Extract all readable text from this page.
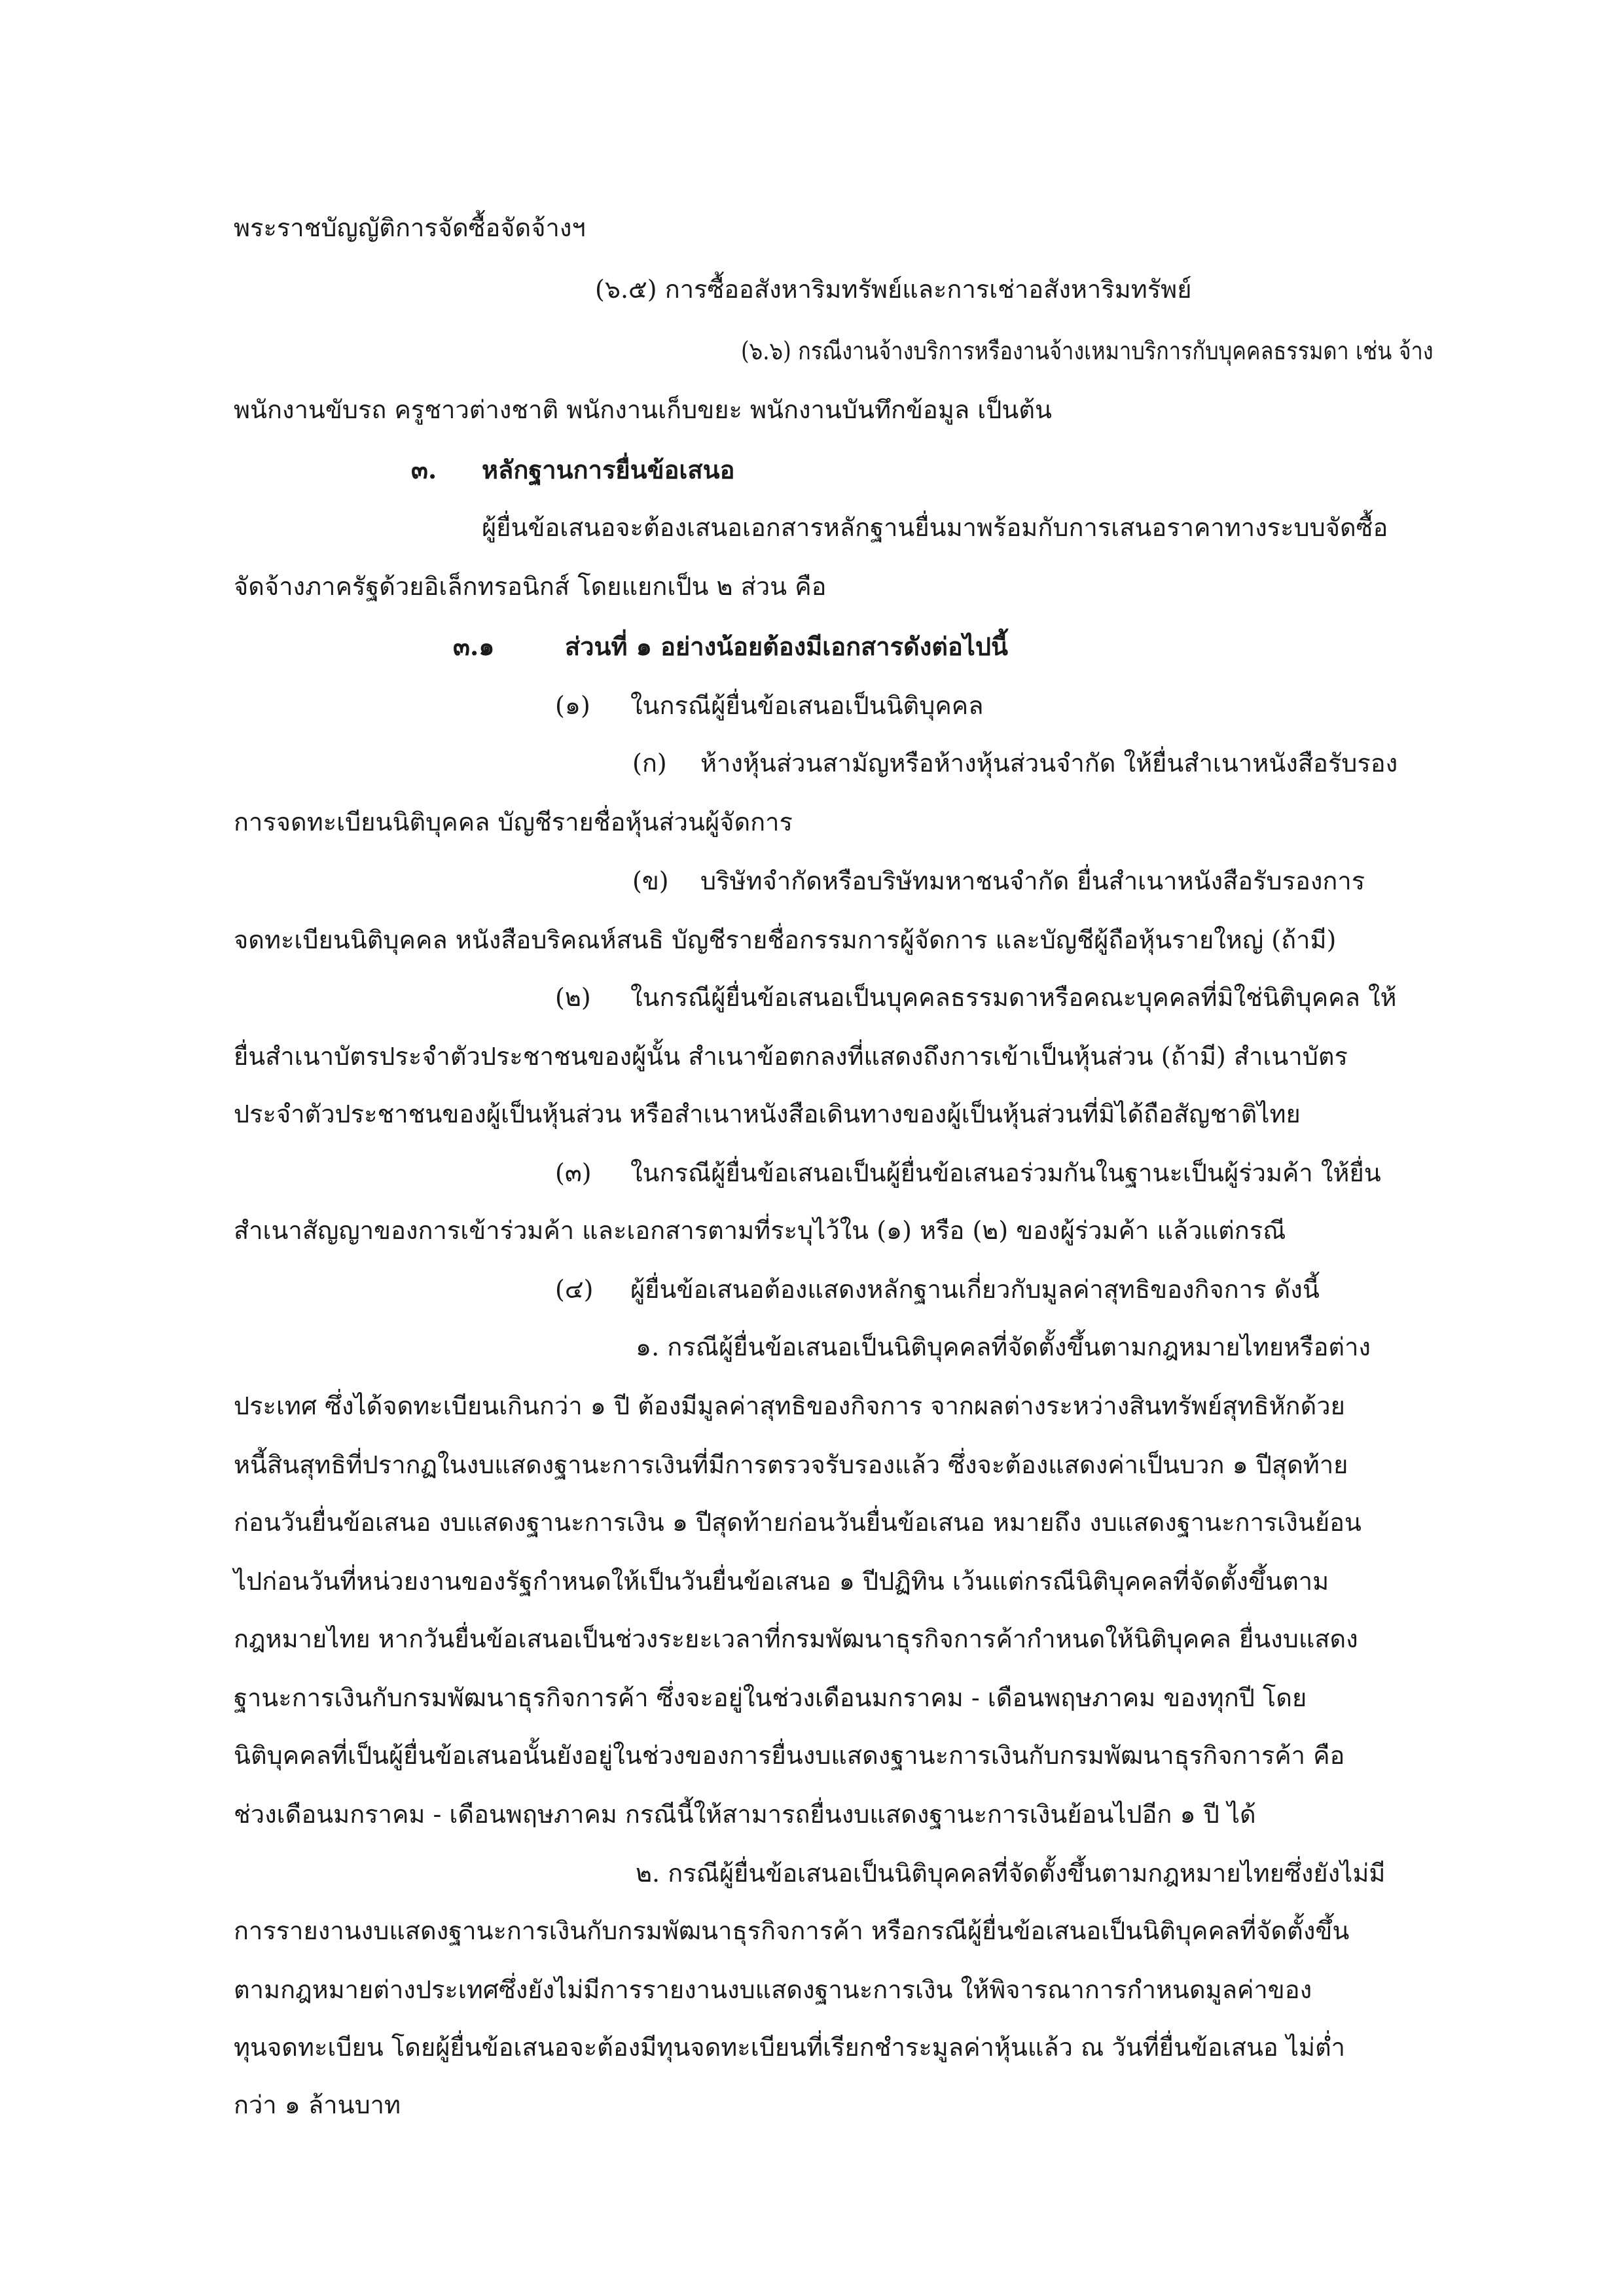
พระราชบัญญัติการจัดซื้อจัดจ้างฯ
(๖.๕) การซื้ออสังหาริมทรัพย์และการเช่าอสังหาริมทรัพย์
(๖.๖) กรณีงานจ้างบริการหรืองานจ้างเหมาบริการกับบุคคลธรรมดา เช่น จ้าง
พนักงานขับรถ ครูชาวต่างชาติ พนักงานเก็บขยะ พนักงานบันทึกข้อมูล เป็นต้น
๓. หลักฐานการยื่นข้อเสนอ
ผู้ยื่นข้อเสนอจะต้องเสนอเอกสารหลักฐานยื่นมาพร้อมกับการเสนอราคาทางระบบจัดซื้อ
จัดจ้างภาครัฐด้วยอิเล็กทรอนิกส์ โดยแยกเป็น ๒ ส่วน คือ
๓.๑	ส่วนที่ ๑ อย่างน้อยต้องมีเอกสารดังต่อไปนี้
(๑) ในกรณีผู้ยื่นข้อเสนอเป็นนิติบุคคล
(ก) ห้างหุ้นส่วนสามัญหรือห้างหุ้นส่วนจำกัด ให้ยื่นสำเนาหนังสือรับรอง
การจดทะเบียนนิติบุคคล บัญชีรายชื่อหุ้นส่วนผู้จัดการ
(ข) บริษัทจำกัดหรือบริษัทมหาชนจำกัด ยื่นสำเนาหนังสือรับรองการ
จดทะเบียนนิติบุคคล หนังสือบริคณห์สนธิ บัญชีรายชื่อกรรมการผู้จัดการ และบัญชีผู้ถือหุ้นรายใหญ่ (ถ้ามี)
(๒) ในกรณีผู้ยื่นข้อเสนอเป็นบุคคลธรรมดาหรือคณะบุคคลที่มิใช่นิติบุคคล ให้
ยื่นสำเนาบัตรประจำตัวประชาชนของผู้นั้น สำเนาข้อตกลงที่แสดงถึงการเข้าเป็นหุ้นส่วน (ถ้ามี) สำเนาบัตร
ประจำตัวประชาชนของผู้เป็นหุ้นส่วน หรือสำเนาหนังสือเดินทางของผู้เป็นหุ้นส่วนที่มิได้ถือสัญชาติไทย
(๓) ในกรณีผู้ยื่นข้อเสนอเป็นผู้ยื่นข้อเสนอร่วมกันในฐานะเป็นผู้ร่วมค้า ให้ยื่น
สำเนาสัญญาของการเข้าร่วมค้า และเอกสารตามที่ระบุไว้ใน (๑) หรือ (๒) ของผู้ร่วมค้า แล้วแต่กรณี
(๔) ผู้ยื่นข้อเสนอต้องแสดงหลักฐานเกี่ยวกับมูลค่าสุทธิของกิจการ ดังนี้
๑. กรณีผู้ยื่นข้อเสนอเป็นนิติบุคคลที่จัดตั้งขึ้นตามกฎหมายไทยหรือต่าง
ประเทศ ซึ่งได้จดทะเบียนเกินกว่า ๑ ปี ต้องมีมูลค่าสุทธิของกิจการ จากผลต่างระหว่างสินทรัพย์สุทธิหักด้วย
หนี้สินสุทธิที่ปรากฏในงบแสดงฐานะการเงินที่มีการตรวจรับรองแล้ว ซึ่งจะต้องแสดงค่าเป็นบวก ๑ ปีสุดท้าย
ก่อนวันยื่นข้อเสนอ งบแสดงฐานะการเงิน ๑ ปีสุดท้ายก่อนวันยื่นข้อเสนอ หมายถึง งบแสดงฐานะการเงินย้อน
ไปก่อนวันที่หน่วยงานของรัฐกำหนดให้เป็นวันยื่นข้อเสนอ ๑ ปีปฏิทิน เว้นแต่กรณีนิติบุคคลที่จัดตั้งขึ้นตาม
กฎหมายไทย หากวันยื่นข้อเสนอเป็นช่วงระยะเวลาที่กรมพัฒนาธุรกิจการค้ากำหนดให้นิติบุคคล ยื่นงบแสดง
ฐานะการเงินกับกรมพัฒนาธุรกิจการค้า ซึ่งจะอยู่ในช่วงเดือนมกราคม - เดือนพฤษภาคม ของทุกปี โดย
นิติบุคคลที่เป็นผู้ยื่นข้อเสนอนั้นยังอยู่ในช่วงของการยื่นงบแสดงฐานะการเงินกับกรมพัฒนาธุรกิจการค้า คือ
ช่วงเดือนมกราคม - เดือนพฤษภาคม กรณีนี้ให้สามารถยื่นงบแสดงฐานะการเงินย้อนไปอีก ๑ ปี ได้
๒. กรณีผู้ยื่นข้อเสนอเป็นนิติบุคคลที่จัดตั้งขึ้นตามกฎหมายไทยซึ่งยังไม่มี
การรายงานงบแสดงฐานะการเงินกับกรมพัฒนาธุรกิจการค้า หรือกรณีผู้ยื่นข้อเสนอเป็นนิติบุคคลที่จัดตั้งขึ้น
ตามกฎหมายต่างประเทศซึ่งยังไม่มีการรายงานงบแสดงฐานะการเงิน ให้พิจารณาการกำหนดมูลค่าของ
ทุนจดทะเบียน โดยผู้ยื่นข้อเสนอจะต้องมีทุนจดทะเบียนที่เรียกชำระมูลค่าหุ้นแล้ว ณ วันที่ยื่นข้อเสนอ ไม่ต่ำ
กว่า ๑ ล้านบาท
